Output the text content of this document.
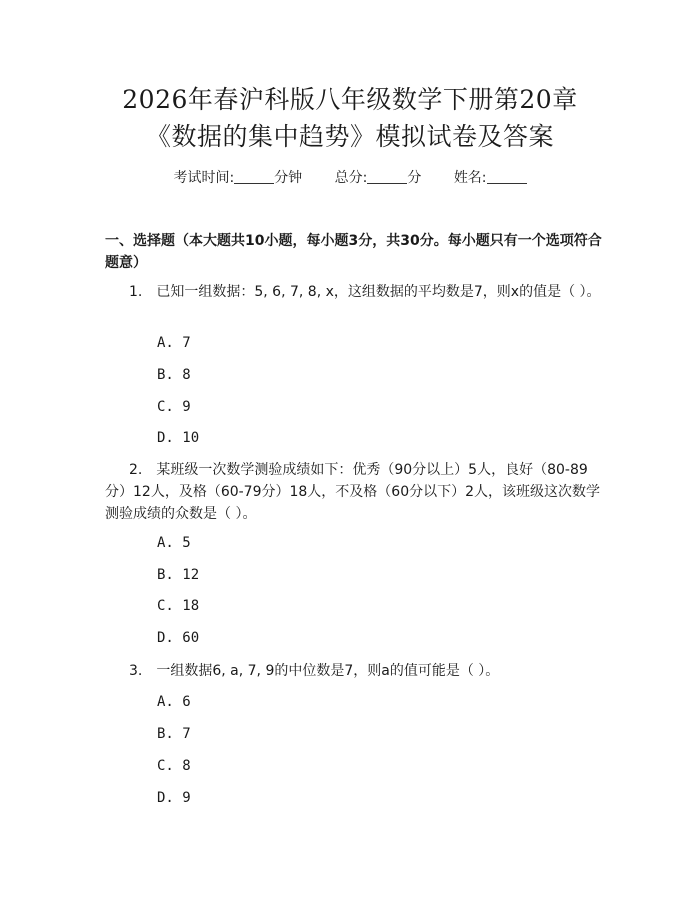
2026年春沪科版八年级数学下册第20章
《数据的集中趋势》模拟试卷及答案
考试时间:	分钟 总分:	分 姓名:
一、选择题（本大题共10小题，每小题3分，共30分。每小题只有一个选项符合题意）
1. 已知一组数据：5, 6, 7, 8, x，这组数据的平均数是7，则x的值是（ ）。
A. 7
B. 8
C. 9
D. 10
2. 某班级一次数学测验成绩如下：优秀（90分以上）5人，良好（80-89分）12人，及格（60-79分）18人，不及格（60分以下）2人，该班级这次数学测验成绩的众数是（ ）。
A. 5
B. 12
C. 18
D. 60
3. 一组数据6, a, 7, 9的中位数是7，则a的值可能是（ ）。
A. 6
B. 7
C. 8
D. 9
